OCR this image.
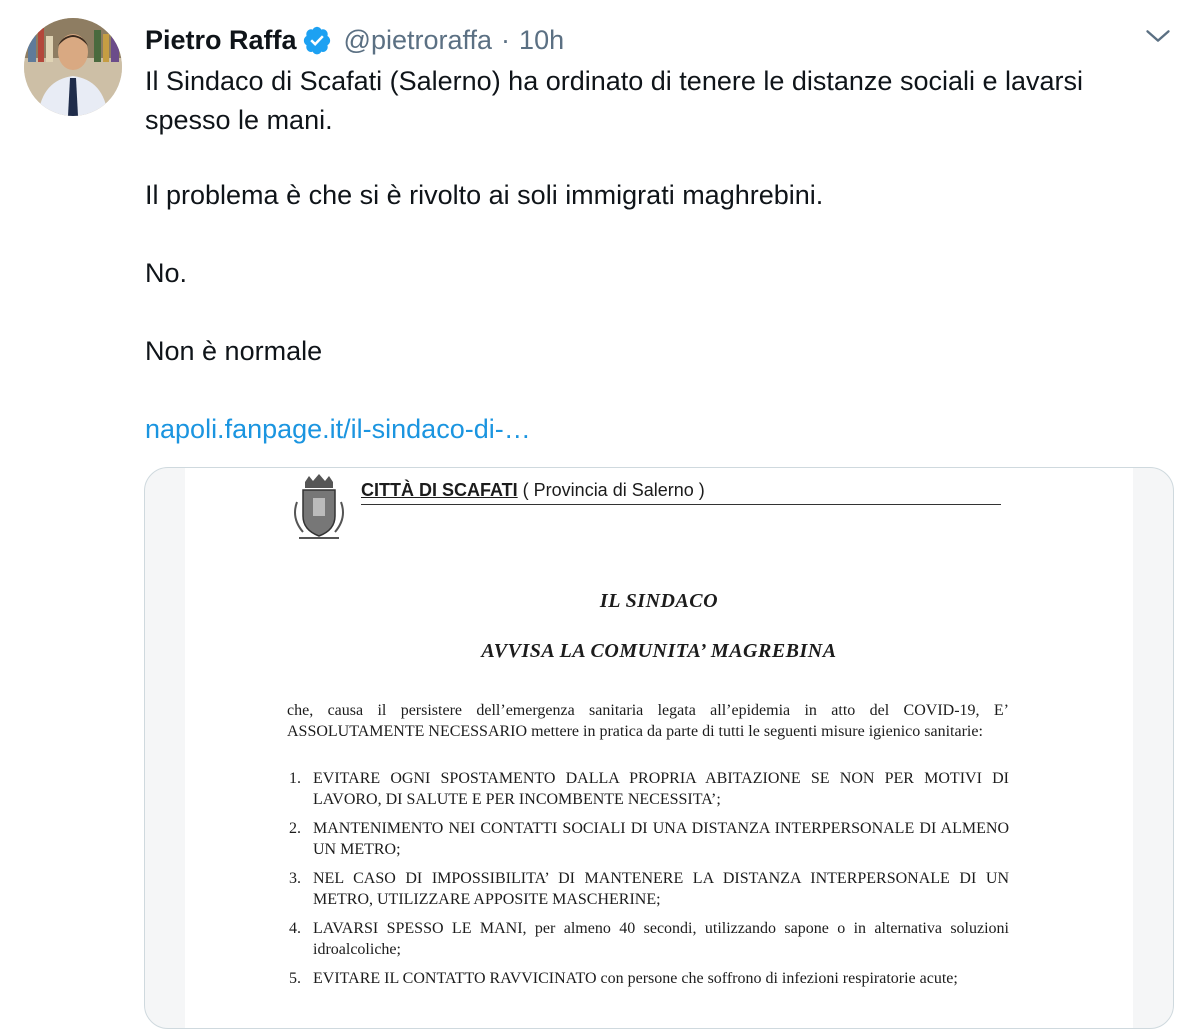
Pietro Raffa @pietroraffa · 10h
Il Sindaco di Scafati (Salerno) ha ordinato di tenere le distanze sociali e lavarsi spesso le mani.
Il problema è che si è rivolto ai soli immigrati maghrebini.
No.
Non è normale
napoli.fanpage.it/il-sindaco-di-…
CITTÀ DI SCAFATI ( Provincia di Salerno )
IL SINDACO
AVVISA LA COMUNITA’ MAGREBINA
che, causa il persistere dell’emergenza sanitaria legata all’epidemia in atto del COVID-19, E’ ASSOLUTAMENTE NECESSARIO mettere in pratica da parte di tutti le seguenti misure igienico sanitarie:
1. EVITARE OGNI SPOSTAMENTO DALLA PROPRIA ABITAZIONE SE NON PER MOTIVI DI LAVORO, DI SALUTE E PER INCOMBENTE NECESSITA’;
2. MANTENIMENTO NEI CONTATTI SOCIALI DI UNA DISTANZA INTERPERSONALE DI ALMENO UN METRO;
3. NEL CASO DI IMPOSSIBILITA’ DI MANTENERE LA DISTANZA INTERPERSONALE DI UN METRO, UTILIZZARE APPOSITE MASCHERINE;
4. LAVARSI SPESSO LE MANI, per almeno 40 secondi, utilizzando sapone o in alternativa soluzioni idroalcoliche;
5. EVITARE IL CONTATTO RAVVICINATO con persone che soffrono di infezioni respiratorie acute;
